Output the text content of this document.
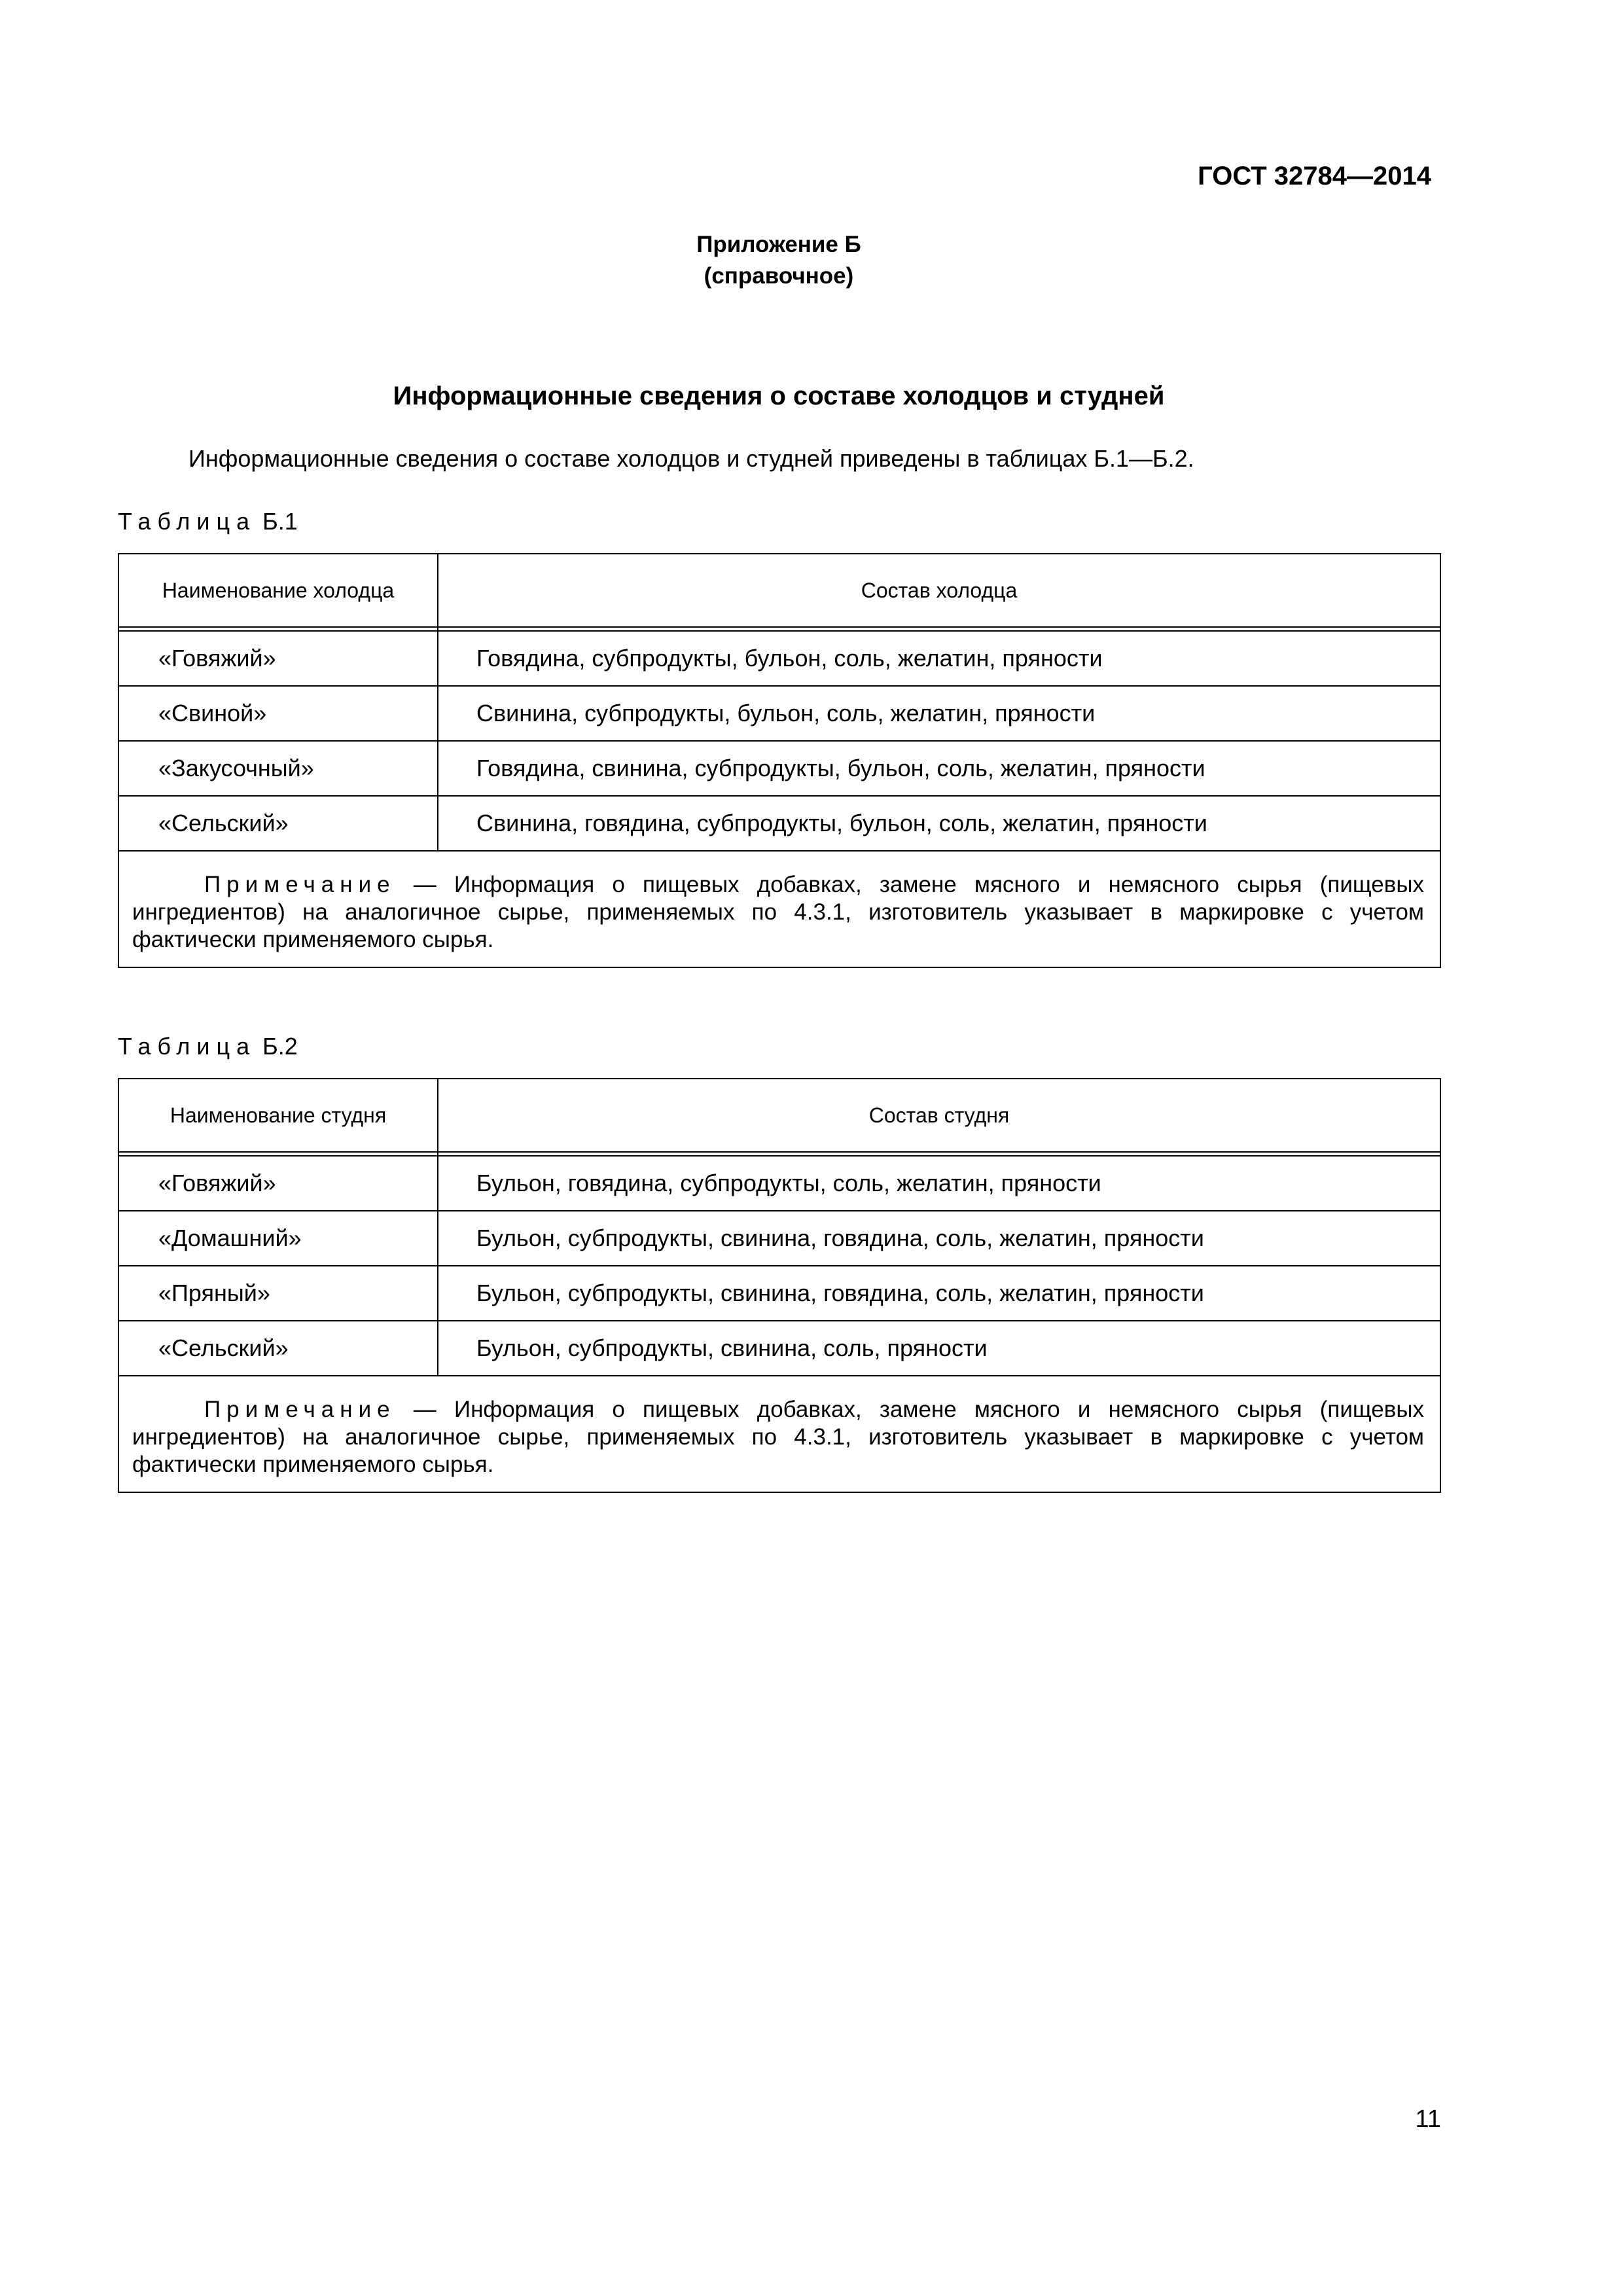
ГОСТ 32784—2014
Приложение Б
(справочное)
Информационные сведения о составе холодцов и студней
Информационные сведения о составе холодцов и студней приведены в таблицах Б.1—Б.2.
Таблица Б.1
Наименование холодца	Состав холодца

«Говяжий»	Говядина, субпродукты, бульон, соль, желатин, пряности
«Свиной»	Свинина, субпродукты, бульон, соль, желатин, пряности
«Закусочный»	Говядина, свинина, субпродукты, бульон, соль, желатин, пряности
«Сельский»	Свинина, говядина, субпродукты, бульон, соль, желатин, пряности
Примечание — Информация о пищевых добавках, замене мясного и немясного сырья (пищевых ингредиентов) на аналогичное сырье, применяемых по 4.3.1, изготовитель указывает в маркировке с учетом фактически применяемого сырья.	
Таблица Б.2
Наименование студня	Состав студня

«Говяжий»	Бульон, говядина, субпродукты, соль, желатин, пряности
«Домашний»	Бульон, субпродукты, свинина, говядина, соль, желатин, пряности
«Пряный»	Бульон, субпродукты, свинина, говядина, соль, желатин, пряности
«Сельский»	Бульон, субпродукты, свинина, соль, пряности
Примечание — Информация о пищевых добавках, замене мясного и немясного сырья (пищевых ингредиентов) на аналогичное сырье, применяемых по 4.3.1, изготовитель указывает в маркировке с учетом фактически применяемого сырья.	
11
